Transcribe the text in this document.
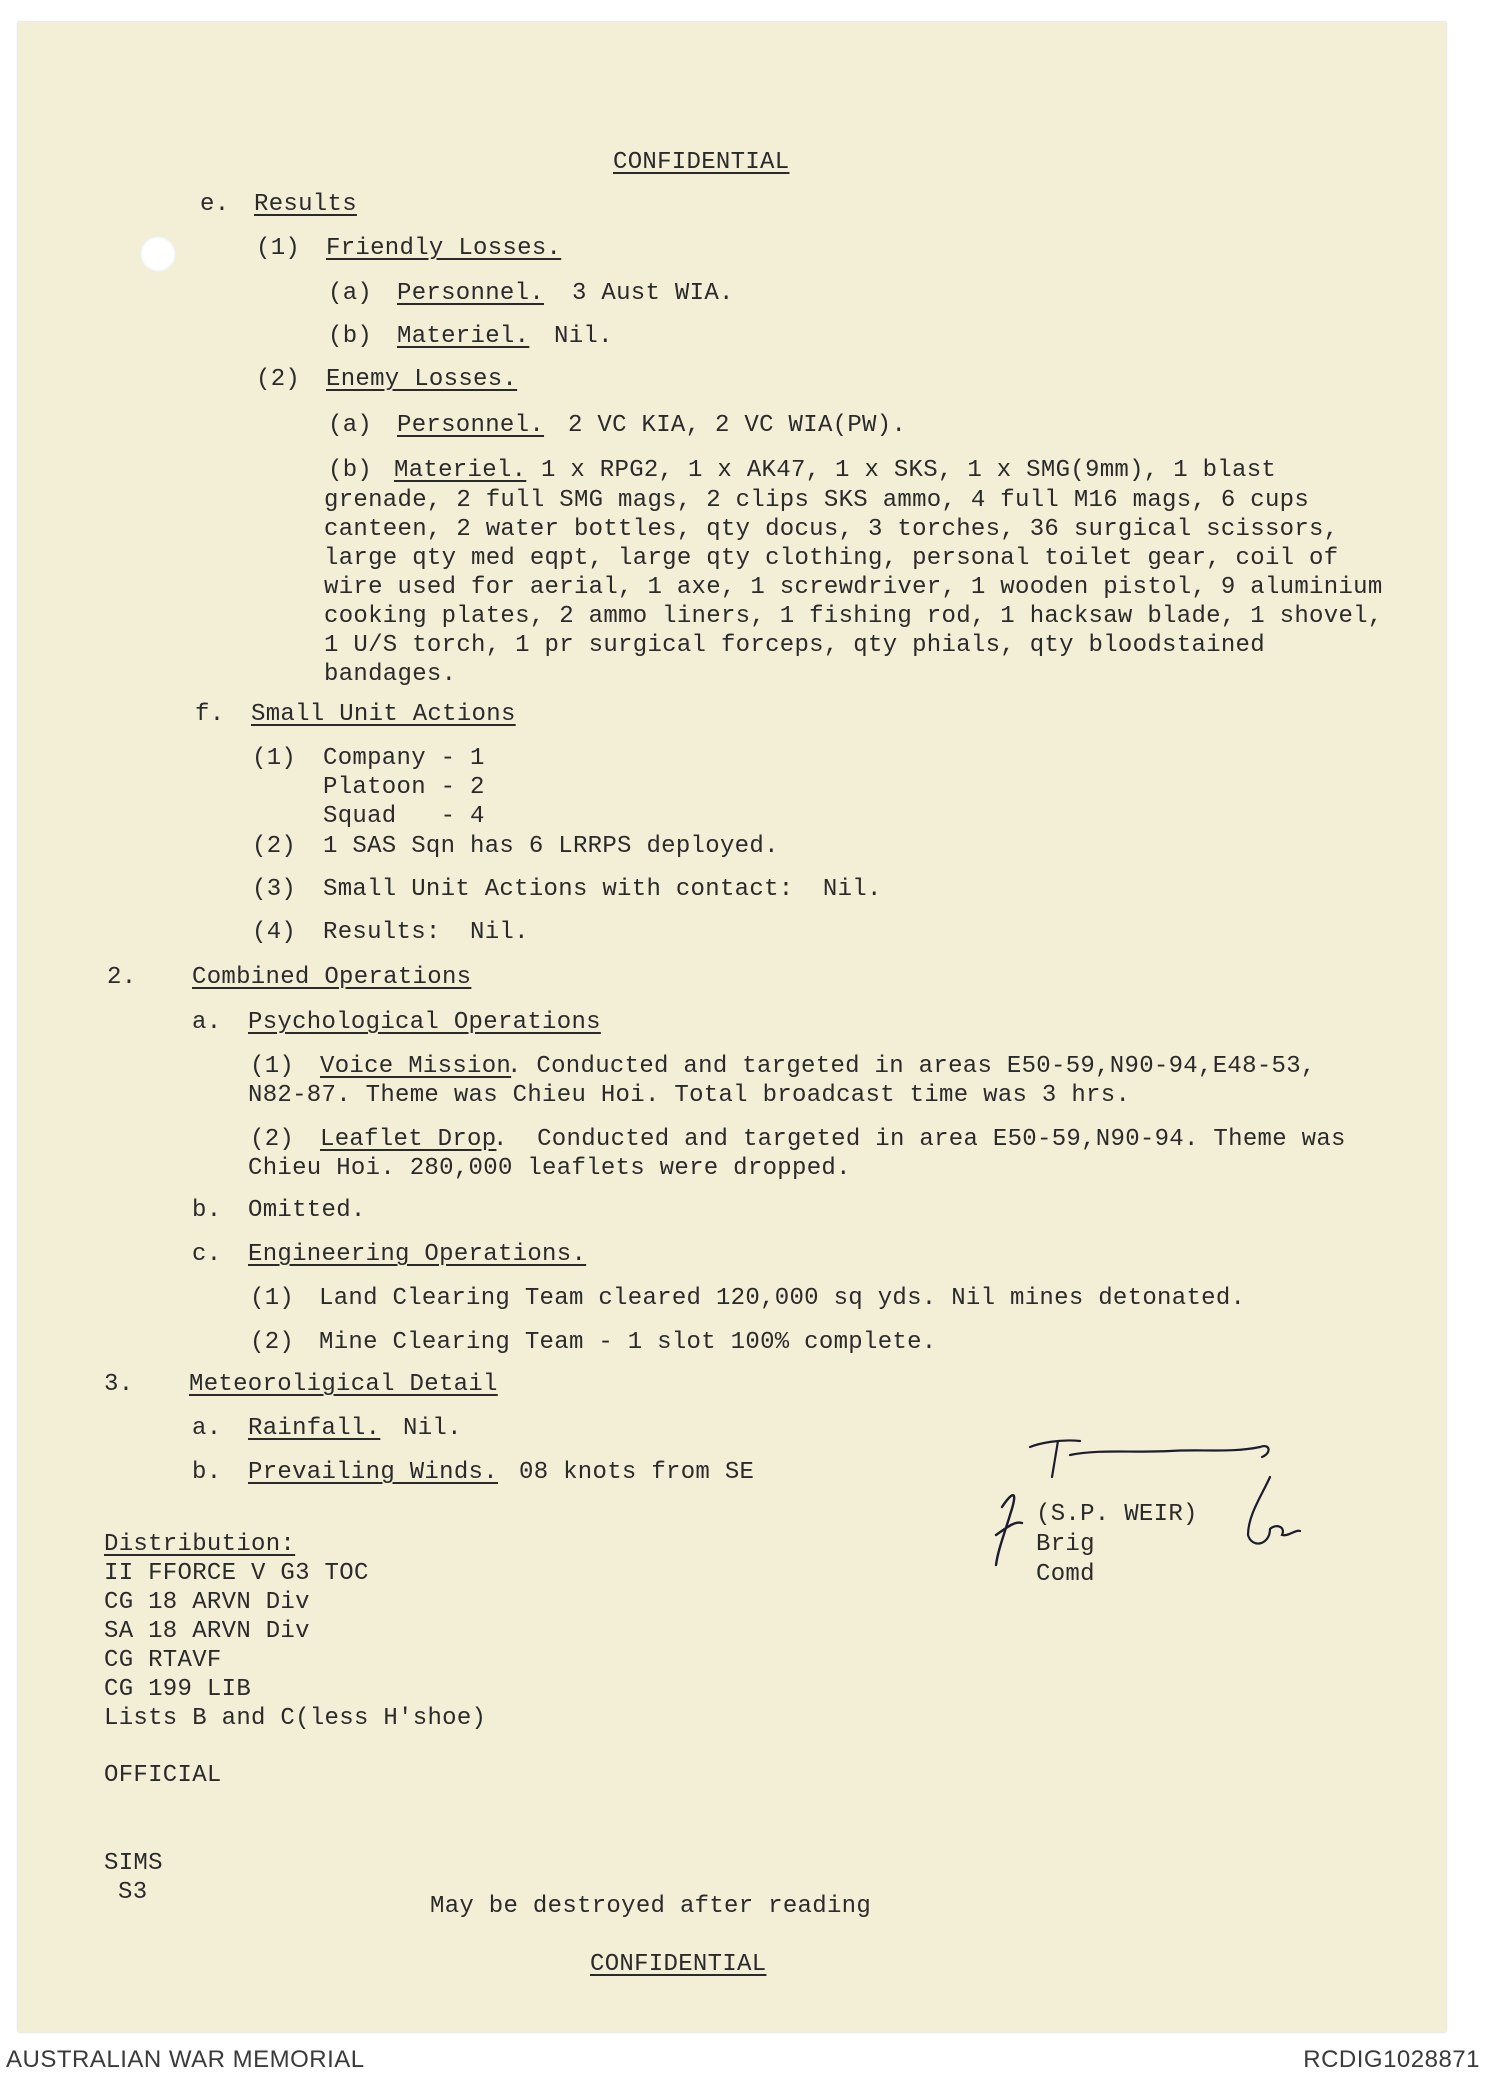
CONFIDENTIAL
e. Results
(1) Friendly Losses.
(a) Personnel. 3 Aust WIA.
(b) Materiel. Nil.
(2) Enemy Losses.
(a) Personnel. 2 VC KIA, 2 VC WIA(PW).
(b) Materiel. 1 x RPG2, 1 x AK47, 1 x SKS, 1 x SMG(9mm), 1 blast
grenade, 2 full SMG mags, 2 clips SKS ammo, 4 full M16 mags, 6 cups
canteen, 2 water bottles, qty docus, 3 torches, 36 surgical scissors,
large qty med eqpt, large qty clothing, personal toilet gear, coil of
wire used for aerial, 1 axe, 1 screwdriver, 1 wooden pistol, 9 aluminium
cooking plates, 2 ammo liners, 1 fishing rod, 1 hacksaw blade, 1 shovel,
1 U/S torch, 1 pr surgical forceps, qty phials, qty bloodstained
bandages.
f. Small Unit Actions
(1) Company - 1
Platoon - 2
Squad   - 4
(2) 1 SAS Sqn has 6 LRRPS deployed.
(3) Small Unit Actions with contact:  Nil.
(4) Results:  Nil.
2. Combined Operations
a. Psychological Operations
(1) Voice Mission
. Conducted and targeted in areas E50-59,N90-94,E48-53,
N82-87. Theme was Chieu Hoi. Total broadcast time was 3 hrs.
(2) Leaflet Drop
.  Conducted and targeted in area E50-59,N90-94. Theme was
Chieu Hoi. 280,000 leaflets were dropped.
b. Omitted.
c. Engineering Operations.
(1) Land Clearing Team cleared 120,000 sq yds. Nil mines detonated.
(2) Mine Clearing Team - 1 slot 100% complete.
3. Meteoroligical Detail
a. Rainfall. Nil.
b. Prevailing Winds. 08 knots from SE
(S.P. WEIR)
Brig
Comd
Distribution:
II FFORCE V G3 TOC
CG 18 ARVN Div
SA 18 ARVN Div
CG RTAVF
CG 199 LIB
Lists B and C(less H'shoe)
OFFICIAL
SIMS
S3
May be destroyed after reading
CONFIDENTIAL
AUSTRALIAN WAR MEMORIAL	RCDIG1028871
